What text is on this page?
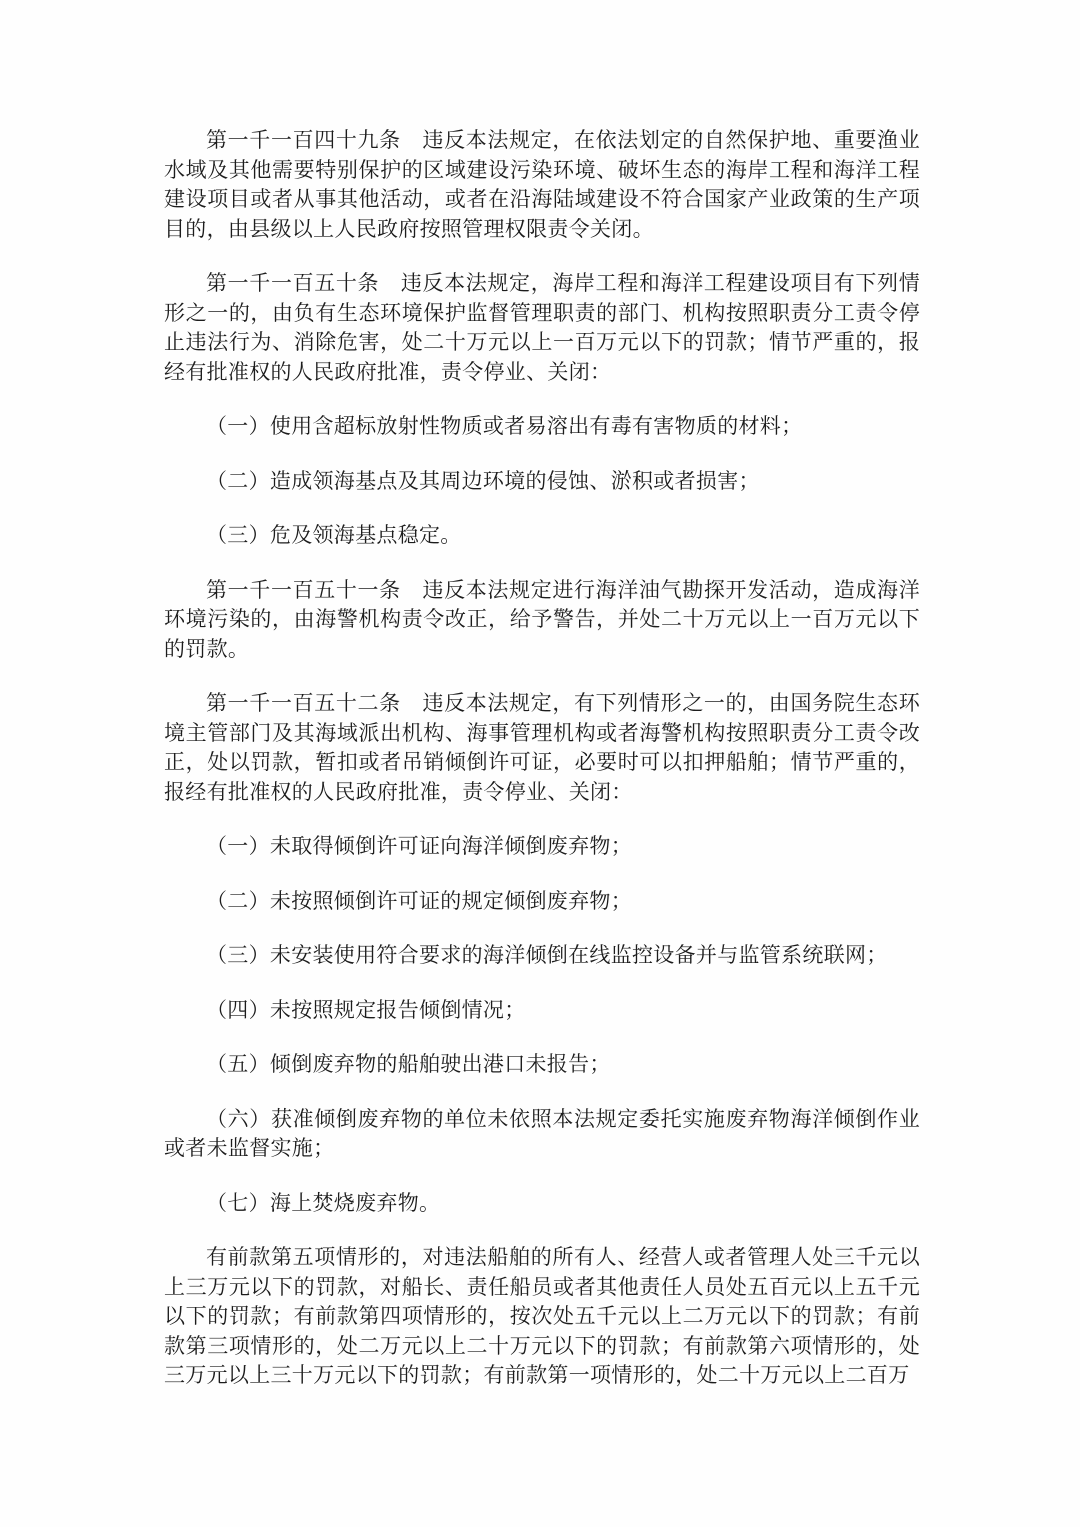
第一千一百四十九条　违反本法规定，在依法划定的自然保护地、重要渔业水域及其他需要特别保护的区域建设污染环境、破坏生态的海岸工程和海洋工程建设项目或者从事其他活动，或者在沿海陆域建设不符合国家产业政策的生产项目的，由县级以上人民政府按照管理权限责令关闭。

第一千一百五十条　违反本法规定，海岸工程和海洋工程建设项目有下列情形之一的，由负有生态环境保护监督管理职责的部门、机构按照职责分工责令停止违法行为、消除危害，处二十万元以上一百万元以下的罚款；情节严重的，报经有批准权的人民政府批准，责令停业、关闭：

（一）使用含超标放射性物质或者易溶出有毒有害物质的材料；

（二）造成领海基点及其周边环境的侵蚀、淤积或者损害；

（三）危及领海基点稳定。

第一千一百五十一条　违反本法规定进行海洋油气勘探开发活动，造成海洋环境污染的，由海警机构责令改正，给予警告，并处二十万元以上一百万元以下的罚款。

第一千一百五十二条　违反本法规定，有下列情形之一的，由国务院生态环境主管部门及其海域派出机构、海事管理机构或者海警机构按照职责分工责令改正，处以罚款，暂扣或者吊销倾倒许可证，必要时可以扣押船舶；情节严重的，报经有批准权的人民政府批准，责令停业、关闭：

（一）未取得倾倒许可证向海洋倾倒废弃物；

（二）未按照倾倒许可证的规定倾倒废弃物；

（三）未安装使用符合要求的海洋倾倒在线监控设备并与监管系统联网；

（四）未按照规定报告倾倒情况；

（五）倾倒废弃物的船舶驶出港口未报告；

（六）获准倾倒废弃物的单位未依照本法规定委托实施废弃物海洋倾倒作业或者未监督实施；

（七）海上焚烧废弃物。

有前款第五项情形的，对违法船舶的所有人、经营人或者管理人处三千元以上三万元以下的罚款，对船长、责任船员或者其他责任人员处五百元以上五千元以下的罚款；有前款第四项情形的，按次处五千元以上二万元以下的罚款；有前款第三项情形的，处二万元以上二十万元以下的罚款；有前款第六项情形的，处三万元以上三十万元以下的罚款；有前款第一项情形的，处二十万元以上二百万
